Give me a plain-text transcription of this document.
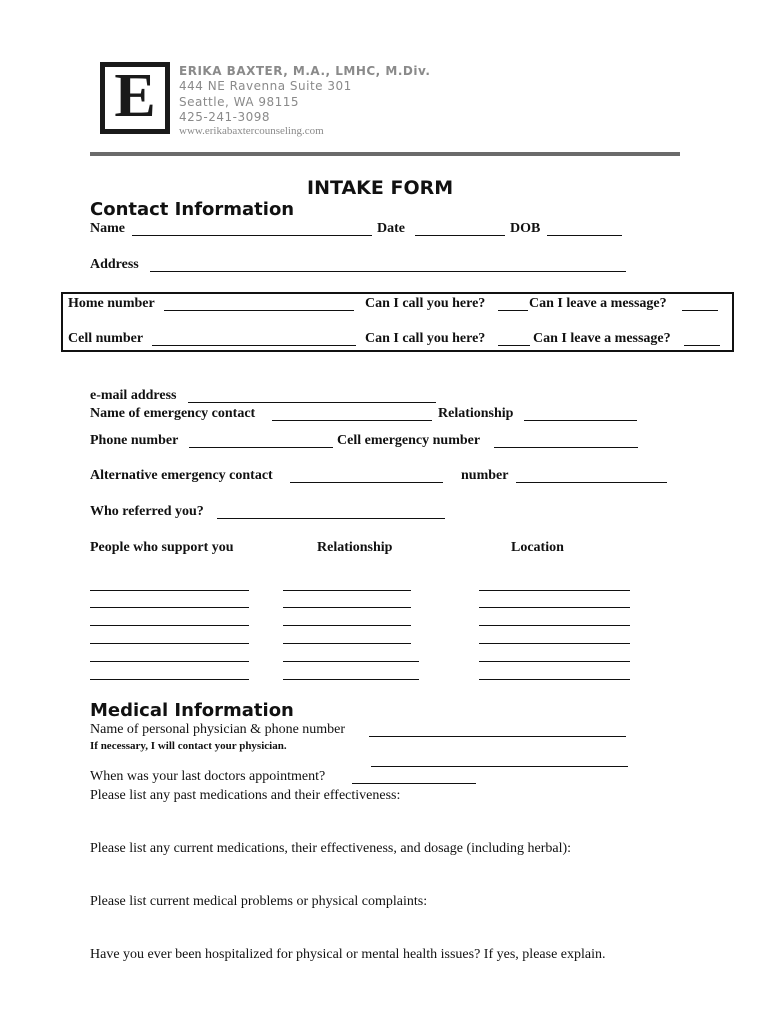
E	ERIKA BAXTER, M.A., LMHC, M.Div.
444 NE Ravenna Suite 301
Seattle, WA 98115
425-241-3098
www.erikabaxtercounseling.com
INTAKE FORM
Contact Information
Name	Date	DOB
Address
Home number	Can I call you here?	Can I leave a message?
Cell number	Can I call you here?	Can I leave a message?
e-mail address
Name of emergency contact	Relationship
Phone number	Cell emergency number
Alternative emergency contact	number
Who referred you?
People who support you	Relationship	Location
Medical Information
Name of personal physician & phone number
If necessary, I will contact your physician.
When was your last doctors appointment?
Please list any past medications and their effectiveness:
Please list any current medications, their effectiveness, and dosage (including herbal):
Please list current medical problems or physical complaints:
Have you ever been hospitalized for physical or mental health issues? If yes, please explain.
